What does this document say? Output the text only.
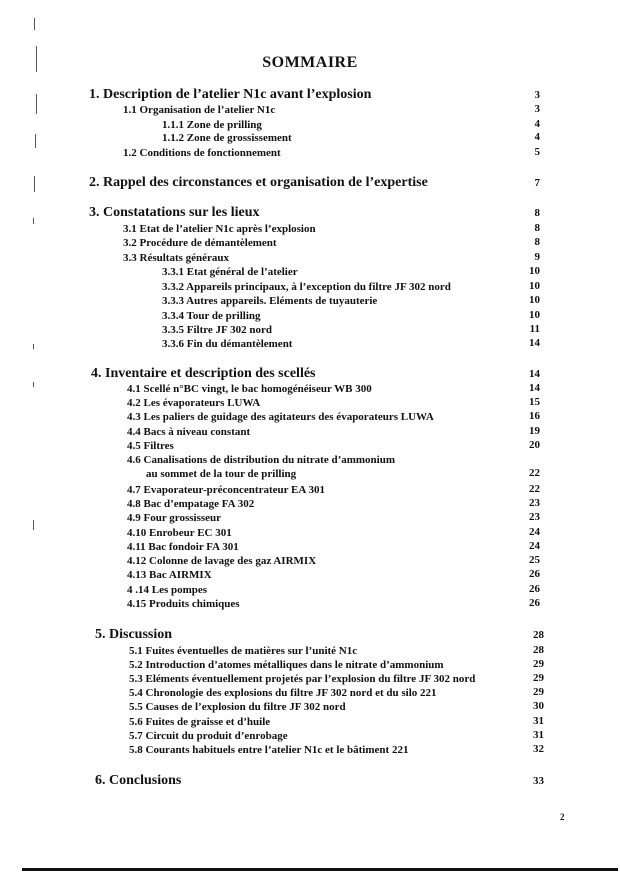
SOMMAIRE
1. Description de l’atelier N1c avant l’explosion	3
1.1 Organisation de l’atelier N1c	3
1.1.1 Zone de prilling	4
1.1.2 Zone de grossissement	4
1.2 Conditions de fonctionnement	5
2. Rappel des circonstances et organisation de l’expertise	7
3. Constatations sur les lieux	8
3.1 Etat de l’atelier N1c après l’explosion	8
3.2 Procédure de démantèlement	8
3.3 Résultats généraux	9
3.3.1 Etat général de l’atelier	10
3.3.2 Appareils principaux, à l’exception du filtre JF 302 nord	10
3.3.3 Autres appareils. Eléments de tuyauterie	10
3.3.4 Tour de prilling	10
3.3.5 Filtre JF 302 nord	11
3.3.6 Fin du démantèlement	14
4. Inventaire et description des scellés	14
4.1 Scellé n°BC vingt, le bac homogénéiseur WB 300	14
4.2 Les évaporateurs LUWA	15
4.3 Les paliers de guidage des agitateurs des évaporateurs LUWA	16
4.4 Bacs à niveau constant	19
4.5 Filtres	20
4.6 Canalisations de distribution du nitrate d’ammonium
au sommet de la tour de prilling	22
4.7 Evaporateur-préconcentrateur EA 301	22
4.8 Bac d’empatage FA 302	23
4.9 Four grossisseur	23
4.10 Enrobeur EC 301	24
4.11 Bac fondoir FA 301	24
4.12 Colonne de lavage des gaz AIRMIX	25
4.13 Bac AIRMIX	26
4 .14 Les pompes	26
4.15 Produits chimiques	26
5. Discussion	28
5.1 Fuites éventuelles de matières sur l’unité N1c	28
5.2 Introduction d’atomes métalliques dans le nitrate d’ammonium	29
5.3 Eléments éventuellement projetés par l’explosion du filtre JF 302 nord	29
5.4 Chronologie des explosions du filtre JF 302 nord et du silo 221	29
5.5 Causes de l’explosion du filtre JF 302 nord	30
5.6 Fuites de graisse et d’huile	31
5.7 Circuit du produit d’enrobage	31
5.8 Courants habituels entre l’atelier N1c et le bâtiment 221	32
6. Conclusions	33
2
